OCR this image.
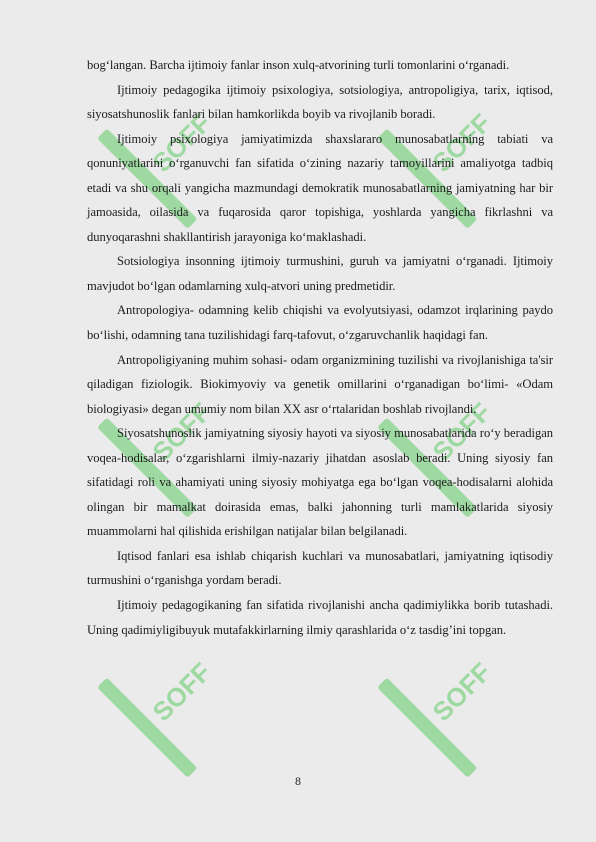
SOFF	SOFF
SOFF	SOFF
SOFF	SOFF

bog‘langan. Barcha ijtimoiy fanlar inson xulq-atvorining turli tomonlarini o‘rganadi.

Ijtimoiy pedagogika ijtimoiy psixologiya, sotsiologiya, antropoligiya, tarix, iqtisod, siyosatshunoslik fanlari bilan hamkorlikda boyib va rivojlanib boradi.

Ijtimoiy psixologiya jamiyatimizda shaxslararo munosabatlarning tabiati va qonuniyatlarini o‘rganuvchi fan sifatida o‘zining nazariy tamoyillarini amaliyotga tadbiq etadi va shu orqali yangicha mazmundagi demokratik munosabatlarning jamiyatning har bir jamoasida, oilasida va fuqarosida qaror topishiga, yoshlarda yangicha fikrlashni va dunyoqarashni shakllantirish jarayoniga ko‘maklashadi.

Sotsiologiya insonning ijtimoiy turmushini, guruh va jamiyatni o‘rganadi. Ijtimoiy mavjudot bo‘lgan odamlarning xulq-atvori uning predmetidir.

Antropologiya- odamning kelib chiqishi va evolyutsiyasi, odamzot irqlarining paydo bo‘lishi, odamning tana tuzilishidagi farq-tafovut, o‘zgaruvchanlik haqidagi fan.

Antropoligiyaning muhim sohasi- odam organizmining tuzilishi va rivojlanishiga ta'sir qiladigan fiziologik. Biokimyoviy va genetik omillarini o‘rganadigan bo‘limi- «Odam biologiyasi» degan umumiy nom bilan XX asr o‘rtalaridan boshlab rivojlandi.

Siyosatshunoslik jamiyatning siyosiy hayoti va siyosiy munosabatlarida ro‘y beradigan voqea-hodisalar, o‘zgarishlarni ilmiy-nazariy jihatdan asoslab beradi. Uning siyosiy fan sifatidagi roli va ahamiyati uning siyosiy mohiyatga ega bo‘lgan voqea-hodisalarni alohida olingan bir mamalkat doirasida emas, balki jahonning turli mamlakatlarida siyosiy muammolarni hal qilishida erishilgan natijalar bilan belgilanadi.

Iqtisod fanlari esa ishlab chiqarish kuchlari va munosabatlari, jamiyatning iqtisodiy turmushini o‘rganishga yordam beradi.

Ijtimoiy pedagogikaning fan sifatida rivojlanishi ancha qadimiylikka borib tutashadi. Uning qadimiyligibuyuk mutafakkirlarning ilmiy qarashlarida o‘z tasdig’ini topgan.

8
